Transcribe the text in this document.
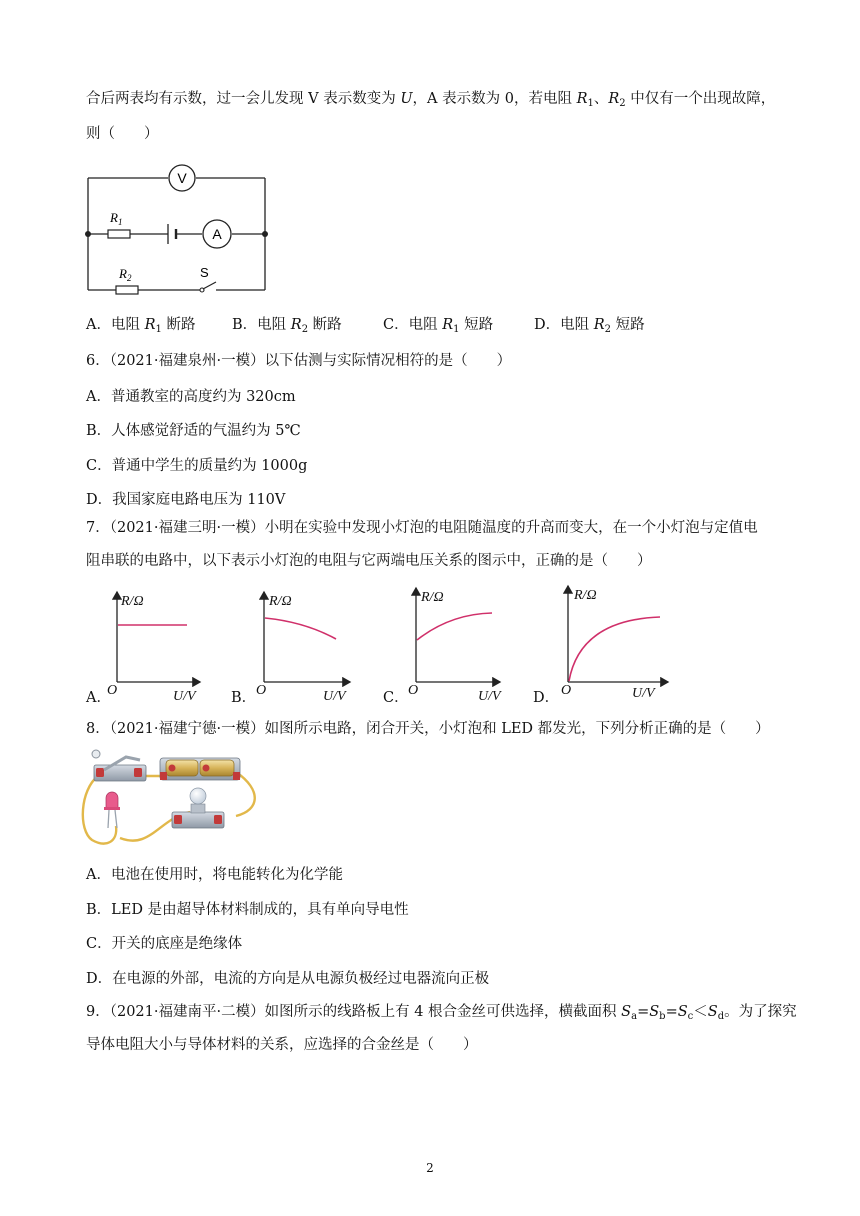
合后两表均有示数，过一会儿发现 V 表示数变为 U，A 表示数为 0，若电阻 $R_1$、$R_2$ 中仅有一个出现故障，
则（　　）
V
A
$R_1$
$R_2$	S
A．电阻 $R_1$ 断路	B．电阻 $R_2$ 断路	C．电阻 $R_1$ 短路	D．电阻 $R_2$ 短路
6．（2021·福建泉州·一模）以下估测与实际情况相符的是（　　）
A．普通教室的高度约为 320cm
B．人体感觉舒适的气温约为 5℃
C．普通中学生的质量约为 1000g
D．我国家庭电路电压为 110V
7．（2021·福建三明·一模）小明在实验中发现小灯泡的电阻随温度的升高而变大，在一个小灯泡与定值电
阻串联的电路中，以下表示小灯泡的电阻与它两端电压关系的图示中，正确的是（　　）
A．	B．	C．	D．
R/Ω
U/V
O
R/Ω
U/V
O
R/Ω
U/V
O
R/Ω
U/V
O
8．（2021·福建宁德·一模）如图所示电路，闭合开关，小灯泡和 LED 都发光，下列分析正确的是（　　）
A．电池在使用时，将电能转化为化学能
B．LED 是由超导体材料制成的，具有单向导电性
C．开关的底座是绝缘体
D．在电源的外部，电流的方向是从电源负极经过电器流向正极
9．（2021·福建南平·二模）如图所示的线路板上有 4 根合金丝可供选择，横截面积 $S_a=S_b=S_c<S_d$。为了探究
导体电阻大小与导体材料的关系，应选择的合金丝是（　　）
2
